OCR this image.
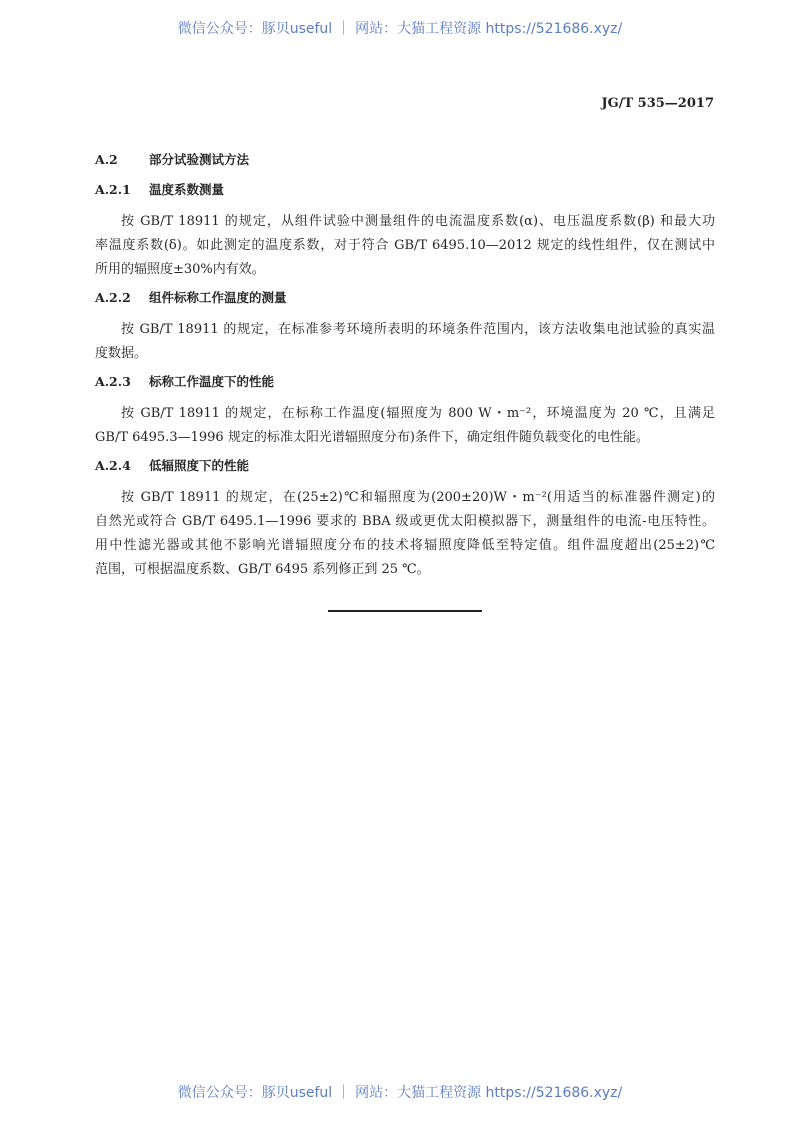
微信公众号：豚贝useful ｜ 网站：大猫工程资源 https://521686.xyz/
JG/T 535—2017
A.2	部分试验测试方法
A.2.1 温度系数测量
按 GB/T 18911 的规定，从组件试验中测量组件的电流温度系数(α)、电压温度系数(β) 和最大功
率温度系数(δ)。如此测定的温度系数，对于符合 GB/T 6495.10—2012 规定的线性组件，仅在测试中
所用的辐照度±30%内有效。
A.2.2 组件标称工作温度的测量
按 GB/T 18911 的规定，在标准参考环境所表明的环境条件范围内，该方法收集电池试验的真实温
度数据。
A.2.3 标称工作温度下的性能
按 GB/T 18911 的规定，在标称工作温度(辐照度为 800 W・m⁻²，环境温度为 20 ℃，且满足
GB/T 6495.3—1996 规定的标准太阳光谱辐照度分布)条件下，确定组件随负载变化的电性能。
A.2.4 低辐照度下的性能
按 GB/T 18911 的规定，在(25±2)℃和辐照度为(200±20)W・m⁻²(用适当的标准器件测定)的
自然光或符合 GB/T 6495.1—1996 要求的 BBA 级或更优太阳模拟器下，测量组件的电流-电压特性。
用中性滤光器或其他不影响光谱辐照度分布的技术将辐照度降低至特定值。组件温度超出(25±2)℃
范围，可根据温度系数、GB/T 6495 系列修正到 25 ℃。
微信公众号：豚贝useful ｜ 网站：大猫工程资源 https://521686.xyz/
